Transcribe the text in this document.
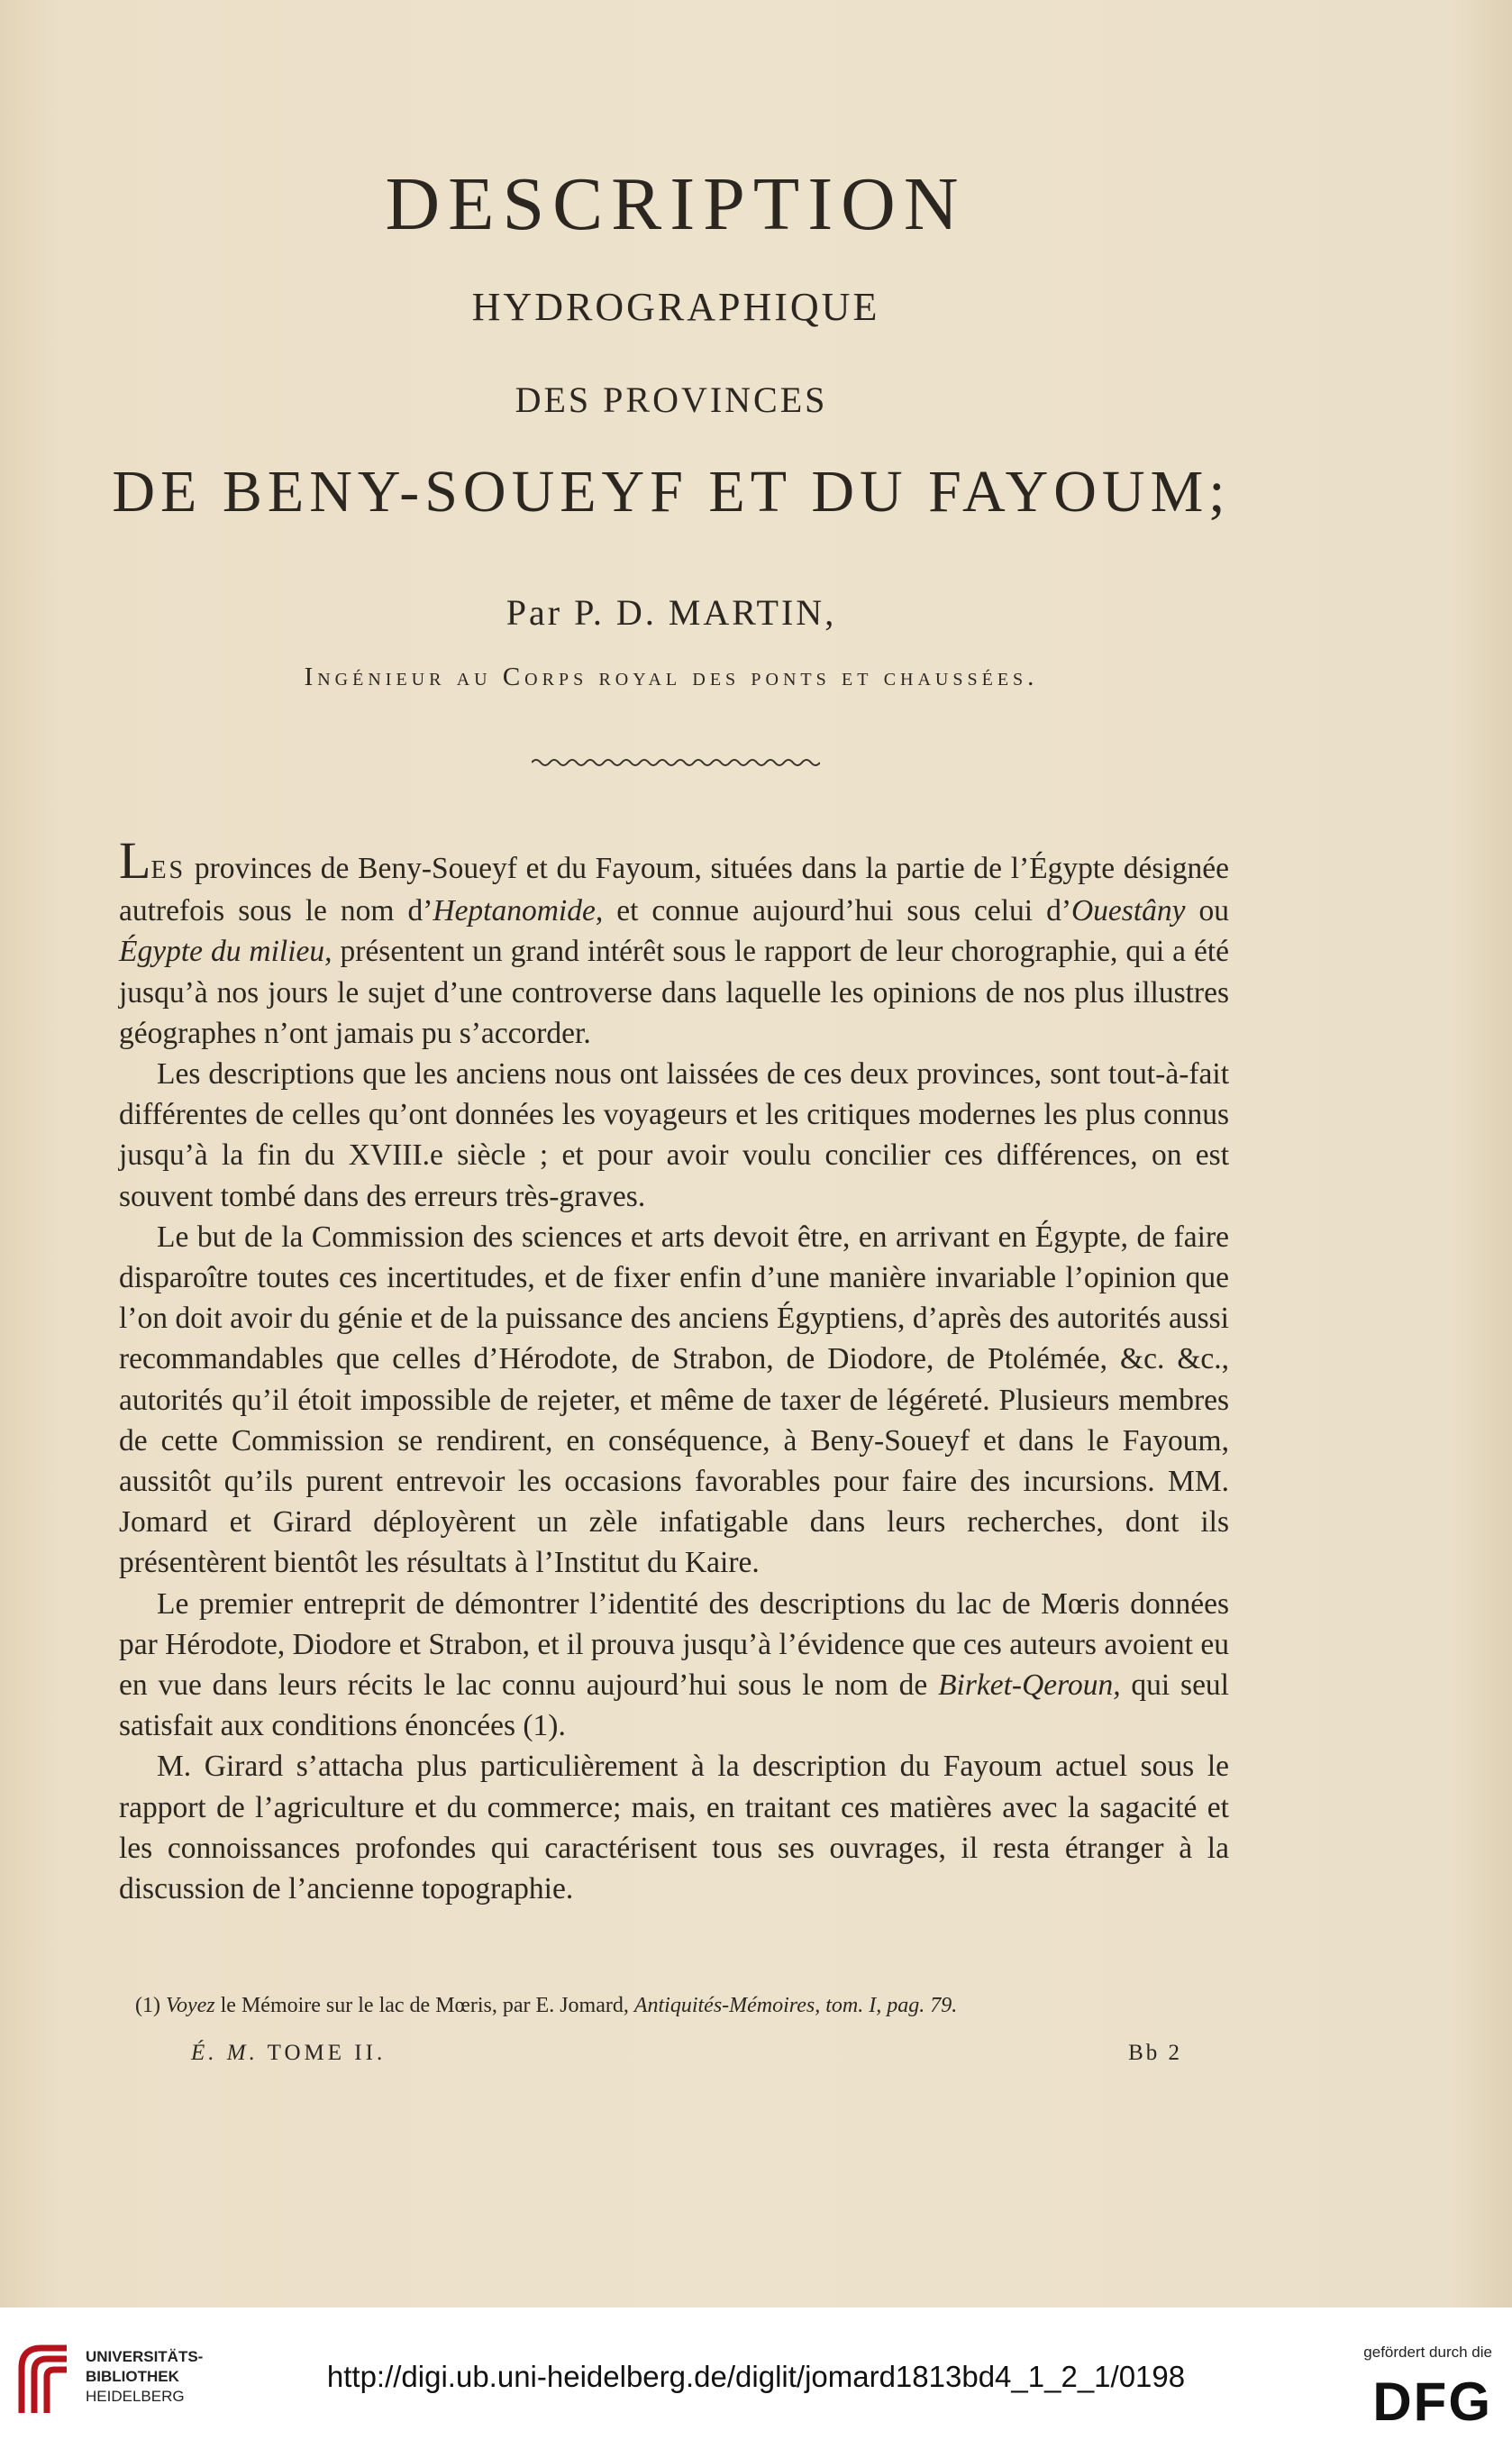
DESCRIPTION
HYDROGRAPHIQUE
DES PROVINCES
DE BENY-SOUEYF ET DU FAYOUM;
Par P. D. MARTIN,
Ingénieur au Corps royal des ponts et chaussées.

LES provinces de Beny-Soueyf et du Fayoum, situées dans la partie de l’Égypte désignée autrefois sous le nom d’Heptanomide, et connue aujourd’hui sous celui d’Ouestâny ou Égypte du milieu, présentent un grand intérêt sous le rapport de leur chorographie, qui a été jusqu’à nos jours le sujet d’une controverse dans laquelle les opinions de nos plus illustres géographes n’ont jamais pu s’accorder.

Les descriptions que les anciens nous ont laissées de ces deux provinces, sont tout-à-fait différentes de celles qu’ont données les voyageurs et les critiques modernes les plus connus jusqu’à la fin du XVIII.e siècle ; et pour avoir voulu concilier ces différences, on est souvent tombé dans des erreurs très-graves.

Le but de la Commission des sciences et arts devoit être, en arrivant en Égypte, de faire disparoître toutes ces incertitudes, et de fixer enfin d’une manière invariable l’opinion que l’on doit avoir du génie et de la puissance des anciens Égyptiens, d’après des autorités aussi recommandables que celles d’Hérodote, de Strabon, de Diodore, de Ptolémée, &c. &c., autorités qu’il étoit impossible de rejeter, et même de taxer de légéreté. Plusieurs membres de cette Commission se rendirent, en conséquence, à Beny-Soueyf et dans le Fayoum, aussitôt qu’ils purent entrevoir les occasions favorables pour faire des incursions. MM. Jomard et Girard déployèrent un zèle infatigable dans leurs recherches, dont ils présentèrent bientôt les résultats à l’Institut du Kaire.

Le premier entreprit de démontrer l’identité des descriptions du lac de Mœris données par Hérodote, Diodore et Strabon, et il prouva jusqu’à l’évidence que ces auteurs avoient eu en vue dans leurs récits le lac connu aujourd’hui sous le nom de Birket-Qeroun, qui seul satisfait aux conditions énoncées (1).

M. Girard s’attacha plus particulièrement à la description du Fayoum actuel sous le rapport de l’agriculture et du commerce; mais, en traitant ces matières avec la sagacité et les connoissances profondes qui caractérisent tous ses ouvrages, il resta étranger à la discussion de l’ancienne topographie.

(1) Voyez le Mémoire sur le lac de Mœris, par E. Jomard, Antiquités-Mémoires, tom. I, pag. 79.
É. M. TOME II.	Bb 2
UNIVERSITÄTS-
BIBLIOTHEK
HEIDELBERG
http://digi.ub.uni-heidelberg.de/diglit/jomard1813bd4_1_2_1/0198
gefördert durch die
DFG
